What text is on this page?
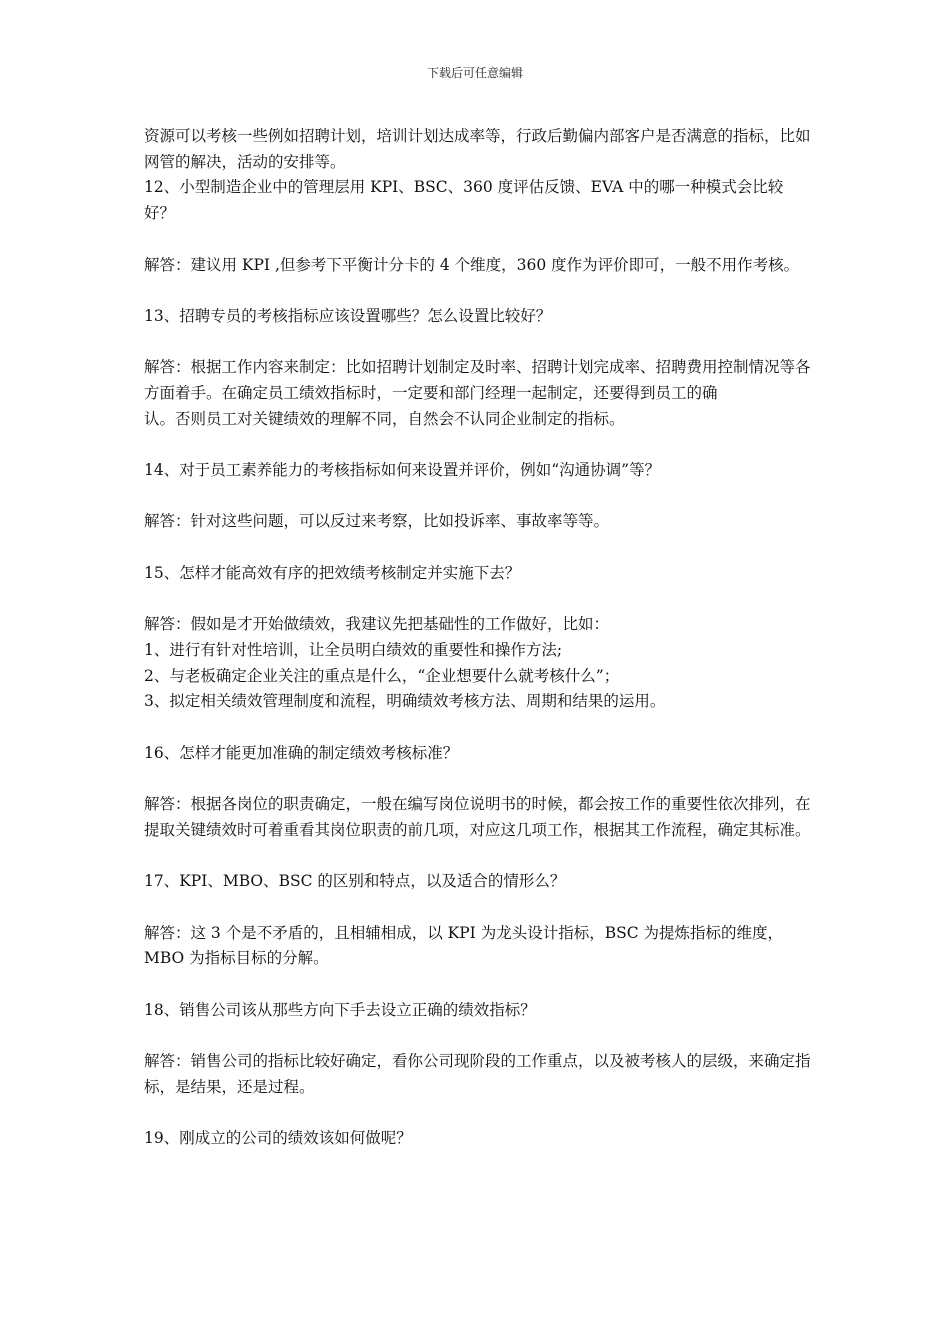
下载后可任意编辑

资源可以考核一些例如招聘计划，培训计划达成率等，行政后勤偏内部客户是否满意的指标，比如网管的解决，活动的安排等。

12、小型制造企业中的管理层用 KPI、BSC、360 度评估反馈、EVA 中的哪一种模式会比较好？

解答：建议用 KPI ,但参考下平衡计分卡的 4 个维度，360 度作为评价即可，一般不用作考核。

13、招聘专员的考核指标应该设置哪些？怎么设置比较好？

解答：根据工作内容来制定：比如招聘计划制定及时率、招聘计划完成率、招聘费用控制情况等各方面着手。在确定员工绩效指标时，一定要和部门经理一起制定，还要得到员工的确

认。否则员工对关键绩效的理解不同，自然会不认同企业制定的指标。

14、对于员工素养能力的考核指标如何来设置并评价，例如“沟通协调”等？

解答：针对这些问题，可以反过来考察，比如投诉率、事故率等等。

15、怎样才能高效有序的把效绩考核制定并实施下去？

解答：假如是才开始做绩效，我建议先把基础性的工作做好，比如：

1、进行有针对性培训，让全员明白绩效的重要性和操作方法;

2、与老板确定企业关注的重点是什么，“企业想要什么就考核什么”；

3、拟定相关绩效管理制度和流程，明确绩效考核方法、周期和结果的运用。

16、怎样才能更加准确的制定绩效考核标准？

解答：根据各岗位的职责确定，一般在编写岗位说明书的时候，都会按工作的重要性依次排列，在提取关键绩效时可着重看其岗位职责的前几项，对应这几项工作，根据其工作流程，确定其标准。

17、KPI、MBO、BSC 的区别和特点，以及适合的情形么？

解答：这 3 个是不矛盾的，且相辅相成，以 KPI 为龙头设计指标，BSC 为提炼指标的维度，MBO 为指标目标的分解。

18、销售公司该从那些方向下手去设立正确的绩效指标？

解答：销售公司的指标比较好确定，看你公司现阶段的工作重点，以及被考核人的层级，来确定指标，是结果，还是过程。

19、刚成立的公司的绩效该如何做呢？
